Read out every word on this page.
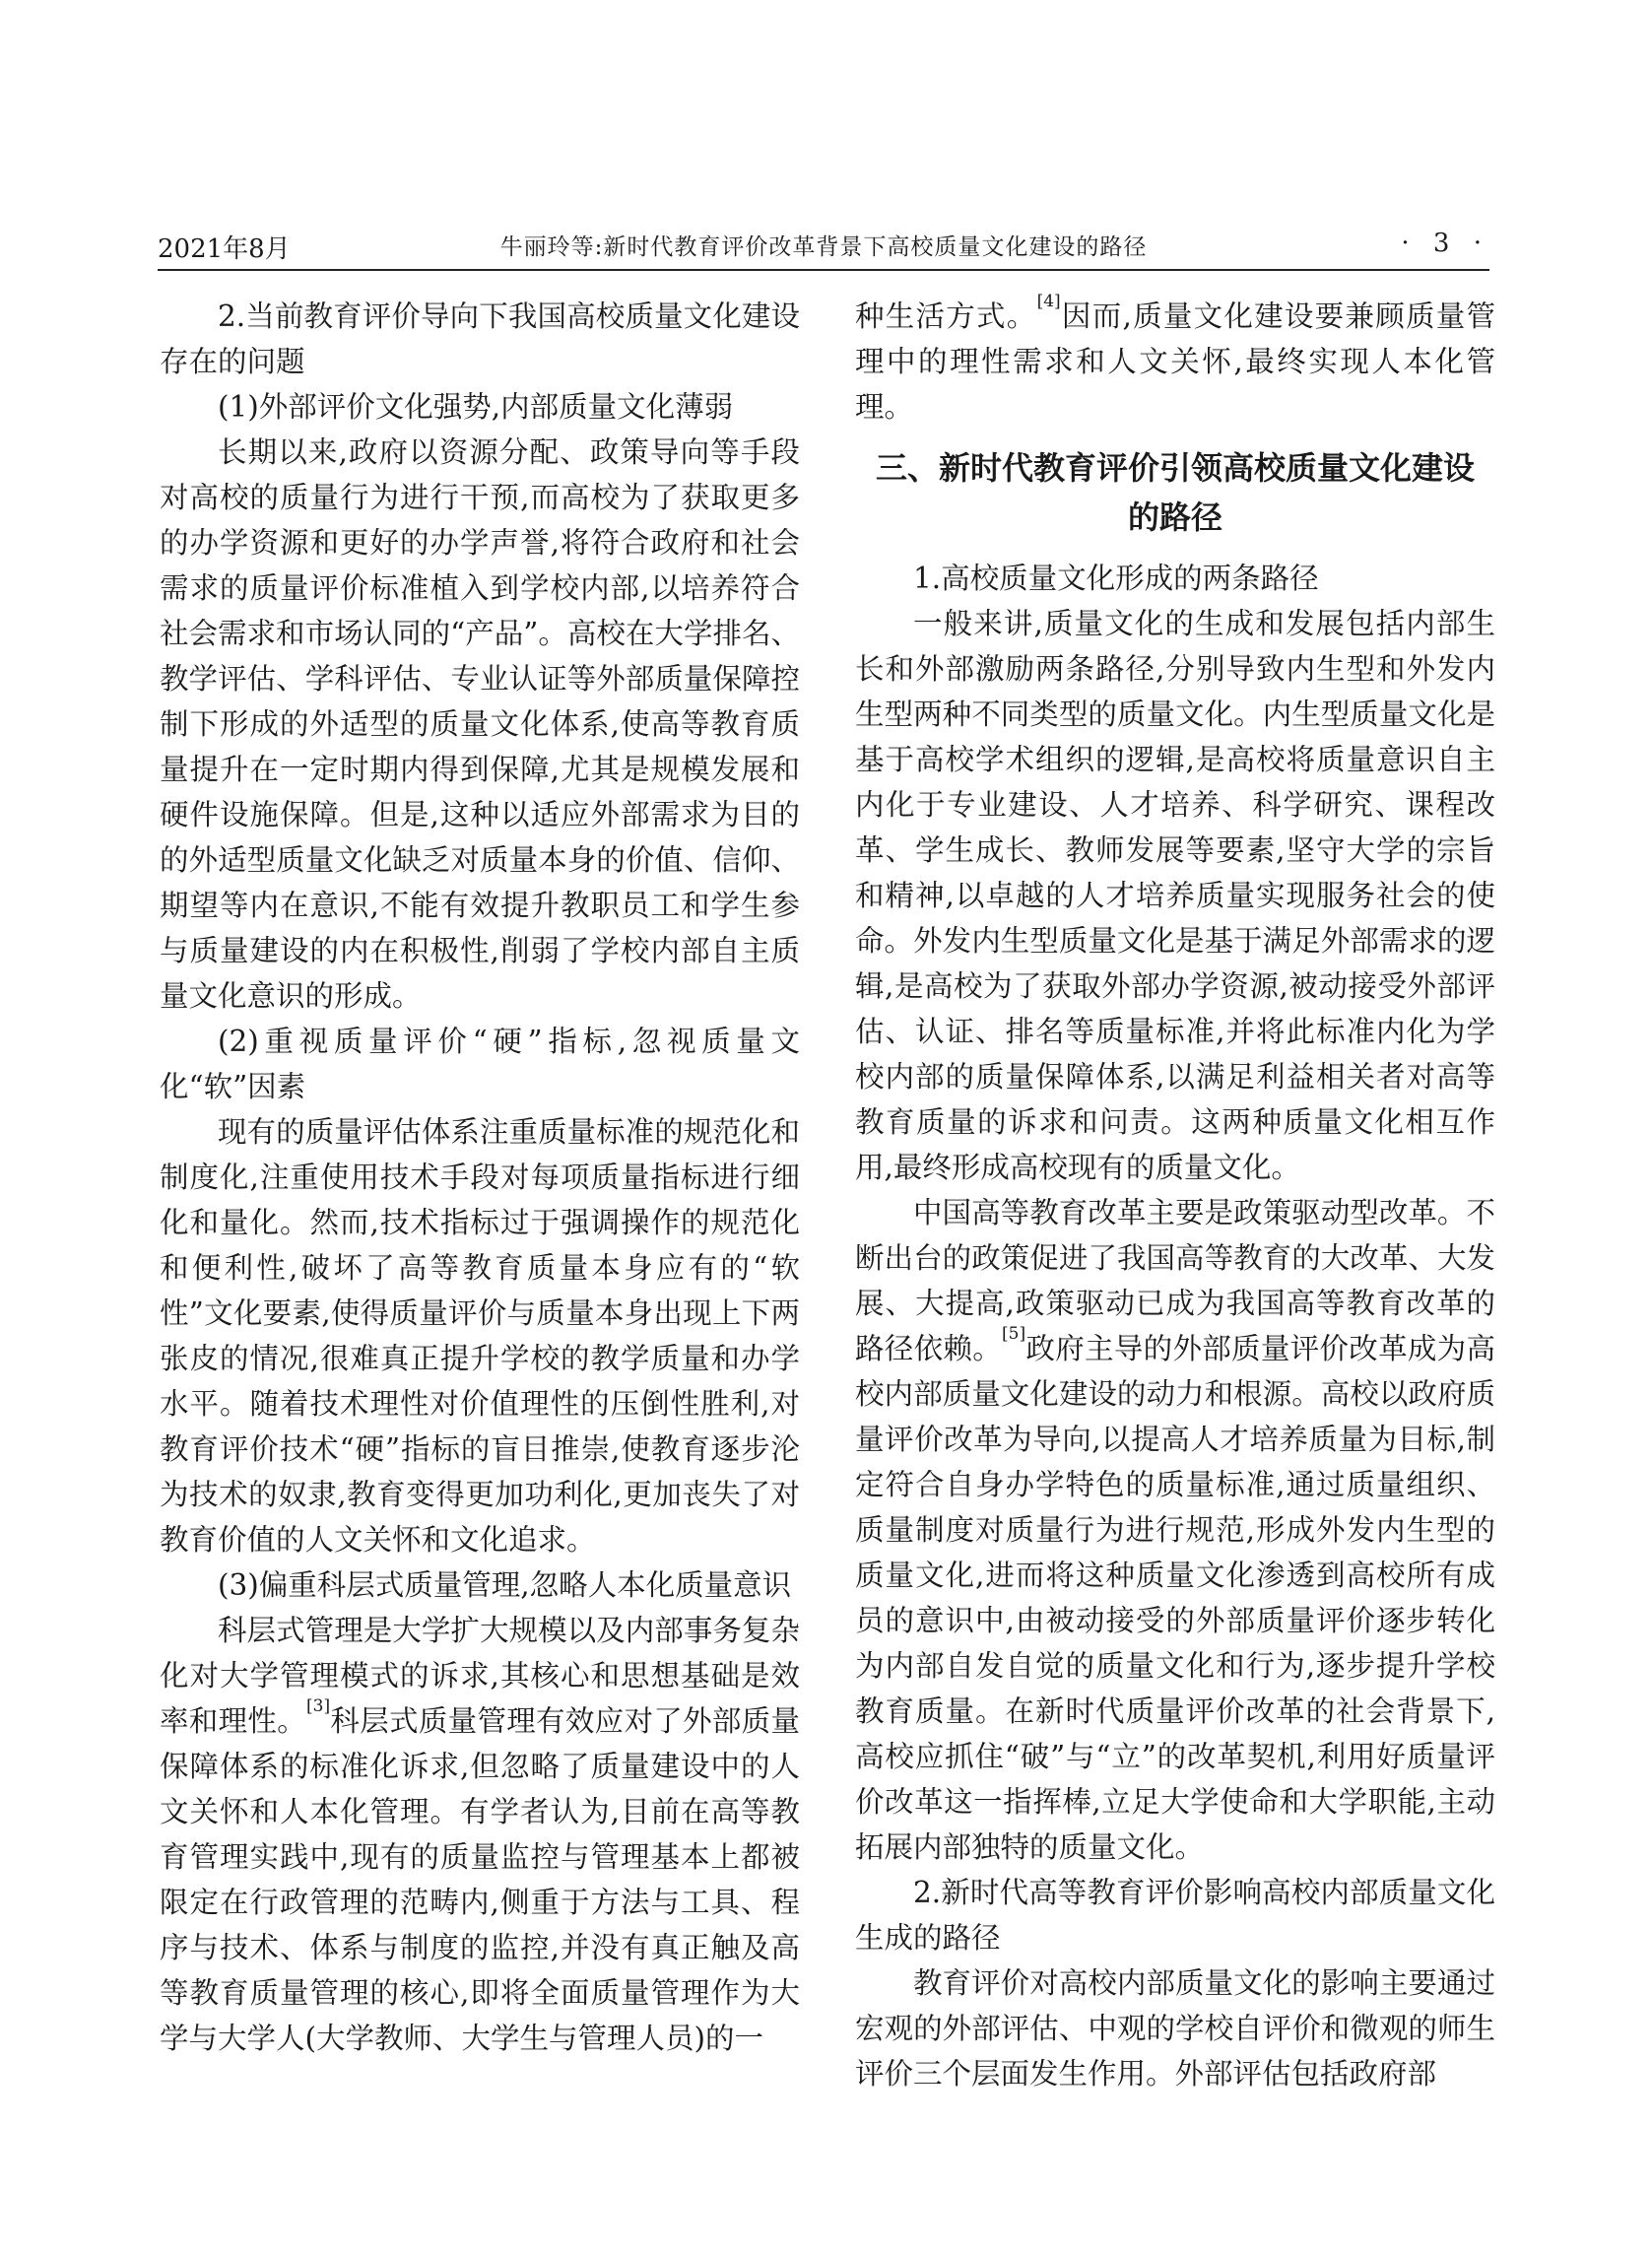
2021年8月	牛丽玲等:新时代教育评价改革背景下高校质量文化建设的路径	· 3 ·

2.当前教育评价导向下我国高校质量文化建设存在的问题

(1)外部评价文化强势,内部质量文化薄弱

长期以来,政府以资源分配、政策导向等手段对高校的质量行为进行干预,而高校为了获取更多的办学资源和更好的办学声誉,将符合政府和社会需求的质量评价标准植入到学校内部,以培养符合社会需求和市场认同的“产品”。高校在大学排名、教学评估、学科评估、专业认证等外部质量保障控制下形成的外适型的质量文化体系,使高等教育质量提升在一定时期内得到保障,尤其是规模发展和硬件设施保障。但是,这种以适应外部需求为目的的外适型质量文化缺乏对质量本身的价值、信仰、期望等内在意识,不能有效提升教职员工和学生参与质量建设的内在积极性,削弱了学校内部自主质量文化意识的形成。

(2)重视质量评价“硬”指标,忽视质量文化“软”因素

现有的质量评估体系注重质量标准的规范化和制度化,注重使用技术手段对每项质量指标进行细化和量化。然而,技术指标过于强调操作的规范化和便利性,破坏了高等教育质量本身应有的“软性”文化要素,使得质量评价与质量本身出现上下两张皮的情况,很难真正提升学校的教学质量和办学水平。随着技术理性对价值理性的压倒性胜利,对教育评价技术“硬”指标的盲目推崇,使教育逐步沦为技术的奴隶,教育变得更加功利化,更加丧失了对教育价值的人文关怀和文化追求。

(3)偏重科层式质量管理,忽略人本化质量意识

科层式管理是大学扩大规模以及内部事务复杂化对大学管理模式的诉求,其核心和思想基础是效率和理性。[3]科层式质量管理有效应对了外部质量保障体系的标准化诉求,但忽略了质量建设中的人文关怀和人本化管理。有学者认为,目前在高等教育管理实践中,现有的质量监控与管理基本上都被限定在行政管理的范畴内,侧重于方法与工具、程序与技术、体系与制度的监控,并没有真正触及高等教育质量管理的核心,即将全面质量管理作为大学与大学人(大学教师、大学生与管理人员)的一

种生活方式。[4]因而,质量文化建设要兼顾质量管理中的理性需求和人文关怀,最终实现人本化管理。

三、新时代教育评价引领高校质量文化建设
的路径

1.高校质量文化形成的两条路径

一般来讲,质量文化的生成和发展包括内部生长和外部激励两条路径,分别导致内生型和外发内生型两种不同类型的质量文化。内生型质量文化是基于高校学术组织的逻辑,是高校将质量意识自主内化于专业建设、人才培养、科学研究、课程改革、学生成长、教师发展等要素,坚守大学的宗旨和精神,以卓越的人才培养质量实现服务社会的使命。外发内生型质量文化是基于满足外部需求的逻辑,是高校为了获取外部办学资源,被动接受外部评估、认证、排名等质量标准,并将此标准内化为学校内部的质量保障体系,以满足利益相关者对高等教育质量的诉求和问责。这两种质量文化相互作用,最终形成高校现有的质量文化。

中国高等教育改革主要是政策驱动型改革。不断出台的政策促进了我国高等教育的大改革、大发展、大提高,政策驱动已成为我国高等教育改革的路径依赖。[5]政府主导的外部质量评价改革成为高校内部质量文化建设的动力和根源。高校以政府质量评价改革为导向,以提高人才培养质量为目标,制定符合自身办学特色的质量标准,通过质量组织、质量制度对质量行为进行规范,形成外发内生型的质量文化,进而将这种质量文化渗透到高校所有成员的意识中,由被动接受的外部质量评价逐步转化为内部自发自觉的质量文化和行为,逐步提升学校教育质量。在新时代质量评价改革的社会背景下,高校应抓住“破”与“立”的改革契机,利用好质量评价改革这一指挥棒,立足大学使命和大学职能,主动拓展内部独特的质量文化。

2.新时代高等教育评价影响高校内部质量文化生成的路径

教育评价对高校内部质量文化的影响主要通过宏观的外部评估、中观的学校自评价和微观的师生评价三个层面发生作用。外部评估包括政府部
